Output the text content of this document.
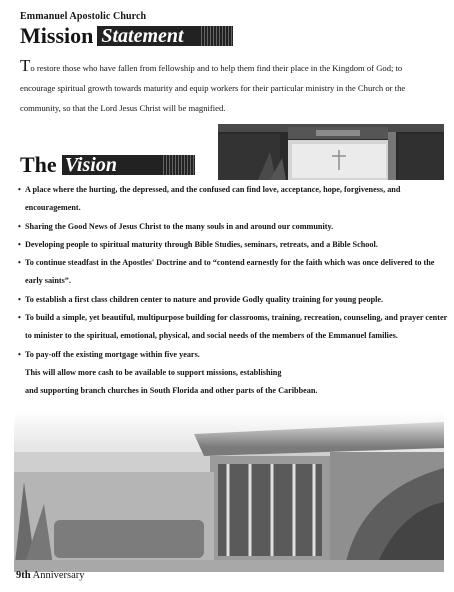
Emmanuel Apostolic Church
Mission Statement
To restore those who have fallen from fellowship and to help them find their place in the Kingdom of God; to encourage spiritual growth towards maturity and equip workers for their particular ministry in the Church or the community, so that the Lord Jesus Christ will be magnified.
The Vision
• A place where the hurting, the depressed, and the confused can find love, acceptance, hope, forgiveness, and encouragement.
• Sharing the Good News of Jesus Christ to the many souls in and around our community.
• Developing people to spiritual maturity through Bible Studies, seminars, retreats, and a Bible School.
• To continue steadfast in the Apostles' Doctrine and to “contend earnestly for the faith which was once delivered to the early saints”.
• To establish a first class children center to nature and provide Godly quality training for young people.
• To build a simple, yet beautiful, multipurpose building for classrooms, training, recreation, counseling, and prayer center to minister to the spiritual, emotional, physical, and social needs of the members of the Emmanuel families.
• To pay-off the existing mortgage within five years.
This will allow more cash to be available to support missions, establishing
and supporting branch churches in South Florida and other parts of the Caribbean.
9th Anniversary
